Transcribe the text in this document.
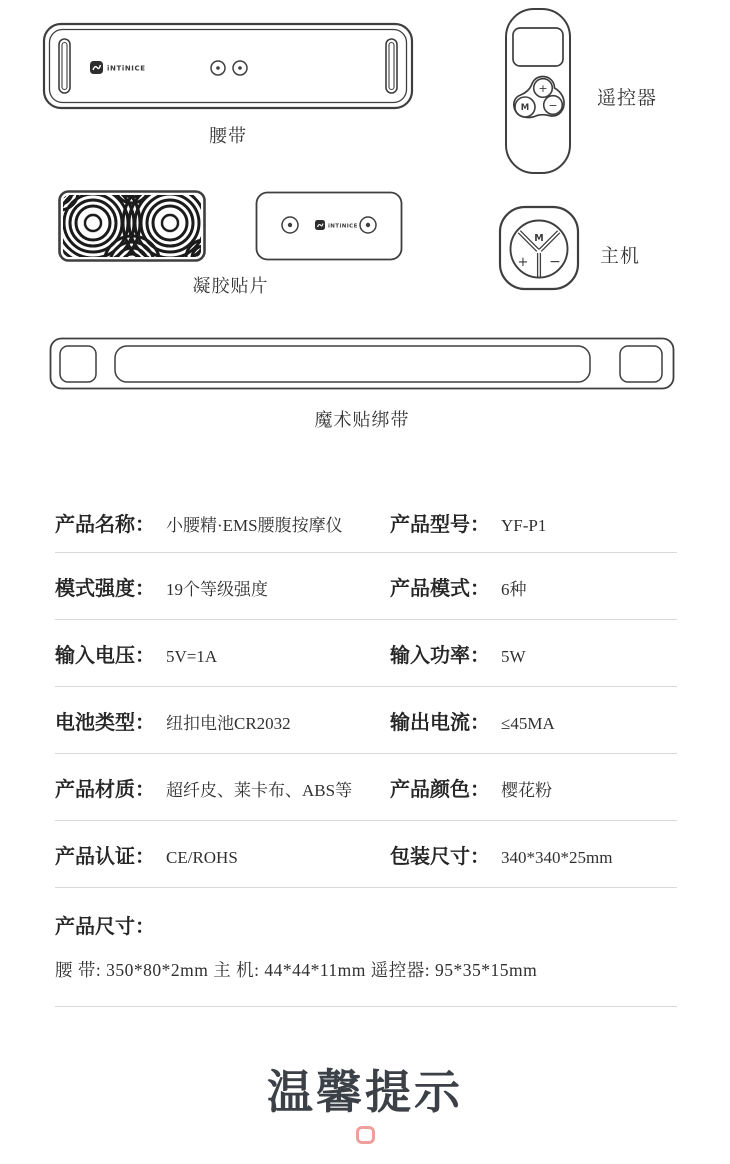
iNTiNICE
腰带
+
M − 遥控器
iNTiNICE
凝胶贴片
M
+ − 主机
魔术贴绑带
产品名称： 小腰精·EMS腰腹按摩仪 产品型号： YF-P1
模式强度： 19个等级强度	产品模式： 6种
输入电压： 5V=1A	输入功率： 5W
电池类型： 纽扣电池CR2032	输出电流： ≤45MA
产品材质： 超纤皮、莱卡布、ABS等 产品颜色： 樱花粉
产品认证： CE/ROHS	包装尺寸： 340*340*25mm
产品尺寸：
腰 带: 350*80*2mm 主 机: 44*44*11mm 遥控器: 95*35*15mm
温馨提示
